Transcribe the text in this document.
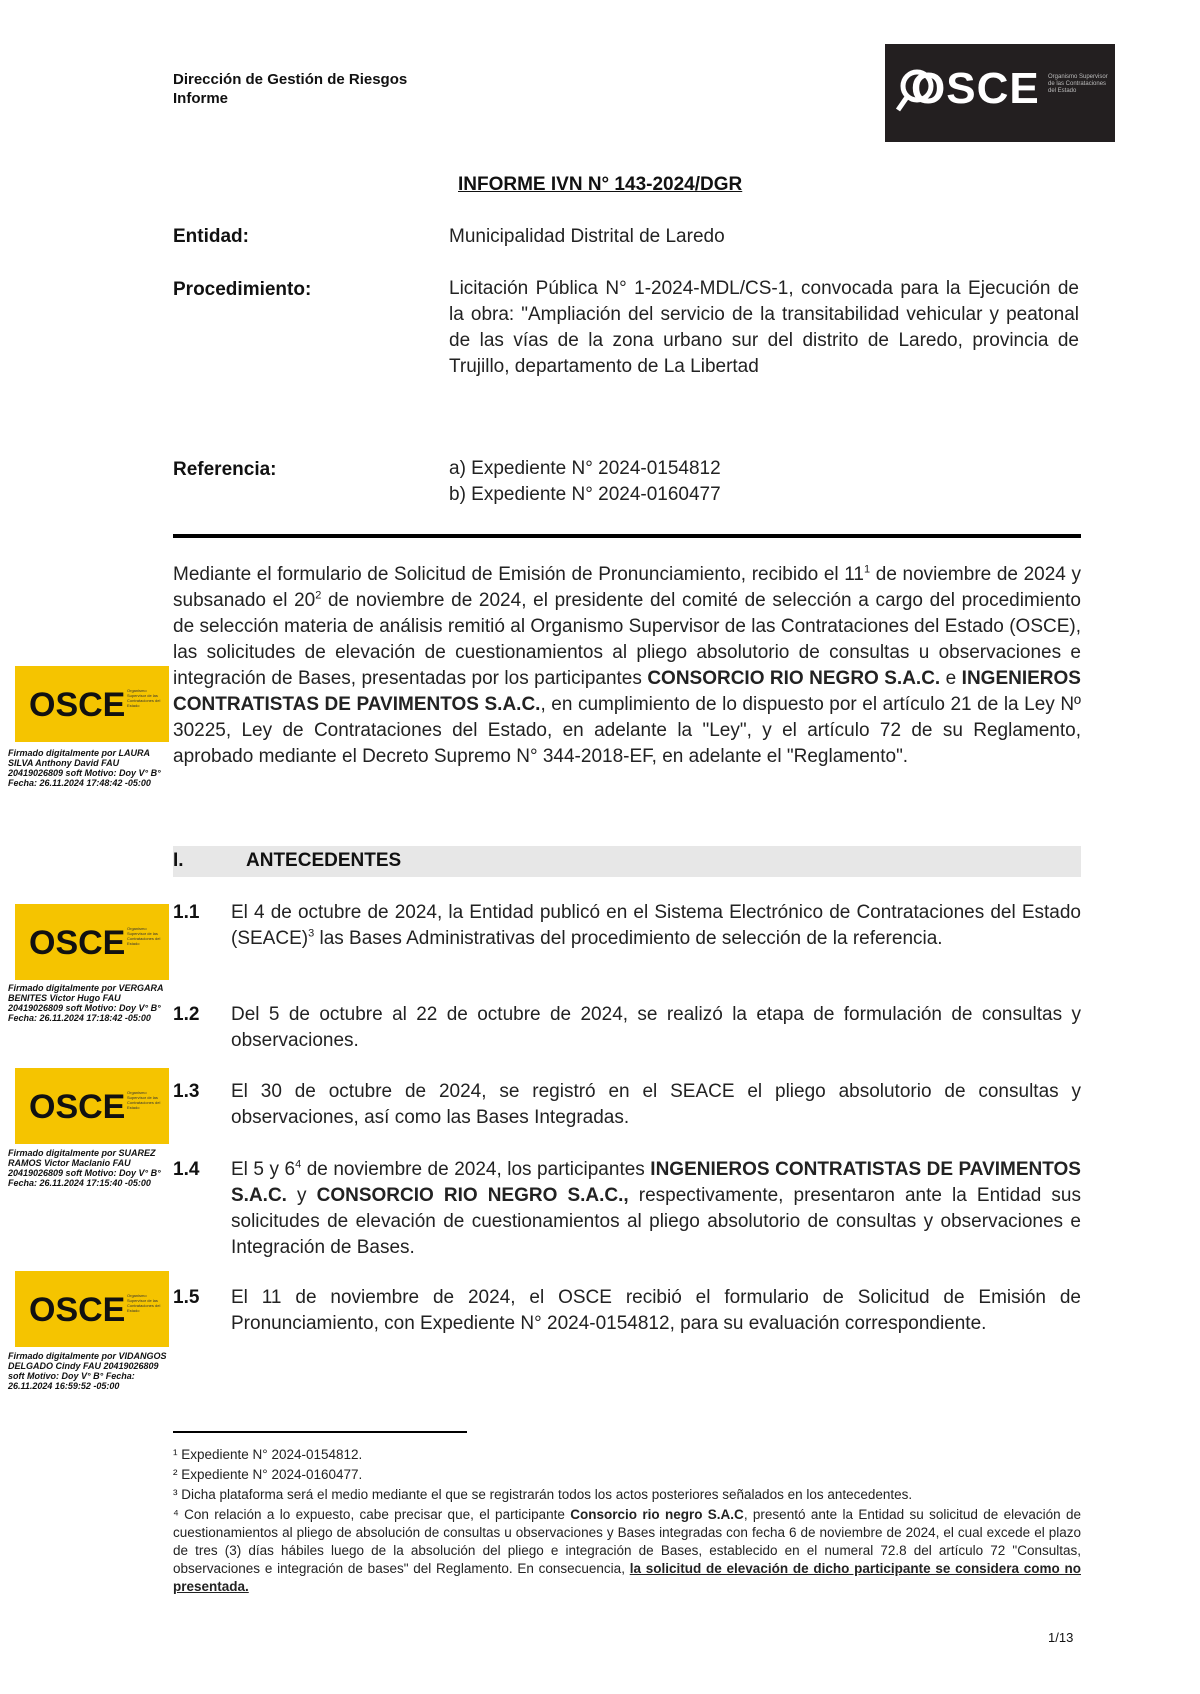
Dirección de Gestión de Riesgos
Informe	OSCE Organismo Supervisor de las Contrataciones del Estado
INFORME IVN N° 143-2024/DGR
Entidad:	Municipalidad Distrital de Laredo
Procedimiento:	Licitación Pública N° 1-2024-MDL/CS-1, convocada para la Ejecución de la obra: "Ampliación del servicio de la transitabilidad vehicular y peatonal de las vías de la zona urbano sur del distrito de Laredo, provincia de Trujillo, departamento de La Libertad
Referencia:	a) Expediente N° 2024-0154812
b) Expediente N° 2024-0160477
Mediante el formulario de Solicitud de Emisión de Pronunciamiento, recibido el $11^1$ de noviembre de 2024 y subsanado el $20^2$ de noviembre de 2024, el presidente del comité de selección a cargo del procedimiento de selección materia de análisis remitió al Organismo Supervisor de las Contrataciones del Estado (OSCE), las solicitudes de elevación de cuestionamientos al pliego absolutorio de consultas u observaciones e integración de Bases, presentadas por los participantes CONSORCIO RIO NEGRO S.A.C. e INGENIEROS CONTRATISTAS DE PAVIMENTOS S.A.C., en cumplimiento de lo dispuesto por el artículo 21 de la Ley Nº 30225, Ley de Contrataciones del Estado, en adelante la "Ley", y el artículo 72 de su Reglamento, aprobado mediante el Decreto Supremo N° 344-2018-EF, en adelante el "Reglamento".
I.	ANTECEDENTES
1.1 El 4 de octubre de 2024, la Entidad publicó en el Sistema Electrónico de Contrataciones del Estado (SEACE)$^3$ las Bases Administrativas del procedimiento de selección de la referencia.
1.2 Del 5 de octubre al 22 de octubre de 2024, se realizó la etapa de formulación de consultas y observaciones.
1.3 El 30 de octubre de 2024, se registró en el SEACE el pliego absolutorio de consultas y observaciones, así como las Bases Integradas.
1.4 El 5 y $6^4$ de noviembre de 2024, los participantes INGENIEROS CONTRATISTAS DE PAVIMENTOS S.A.C. y CONSORCIO RIO NEGRO S.A.C., respectivamente, presentaron ante la Entidad sus solicitudes de elevación de cuestionamientos al pliego absolutorio de consultas y observaciones e Integración de Bases.
1.5 El 11 de noviembre de 2024, el OSCE recibió el formulario de Solicitud de Emisión de Pronunciamiento, con Expediente N° 2024-0154812, para su evaluación correspondiente.
OSCE Organismo Supervisor de las Contrataciones del Estado
Firmado digitalmente por LAURA SILVA Anthony David FAU 20419026809 soft Motivo: Doy V° B° Fecha: 26.11.2024 17:48:42 -05:00
OSCE Organismo Supervisor de las Contrataciones del Estado
Firmado digitalmente por VERGARA BENITES Victor Hugo FAU 20419026809 soft Motivo: Doy V° B° Fecha: 26.11.2024 17:18:42 -05:00
OSCE Organismo Supervisor de las Contrataciones del Estado
Firmado digitalmente por SUAREZ RAMOS Victor Maclanio FAU 20419026809 soft Motivo: Doy V° B° Fecha: 26.11.2024 17:15:40 -05:00
OSCE Organismo Supervisor de las Contrataciones del Estado
Firmado digitalmente por VIDANGOS DELGADO Cindy FAU 20419026809 soft Motivo: Doy V° B° Fecha: 26.11.2024 16:59:52 -05:00
¹ Expediente N° 2024-0154812.
² Expediente N° 2024-0160477.
³ Dicha plataforma será el medio mediante el que se registrarán todos los actos posteriores señalados en los antecedentes.
⁴ Con relación a lo expuesto, cabe precisar que, el participante Consorcio rio negro S.A.C, presentó ante la Entidad su solicitud de elevación de cuestionamientos al pliego de absolución de consultas u observaciones y Bases integradas con fecha 6 de noviembre de 2024, el cual excede el plazo de tres (3) días hábiles luego de la absolución del pliego e integración de Bases, establecido en el numeral 72.8 del artículo 72 "Consultas, observaciones e integración de bases" del Reglamento. En consecuencia, la solicitud de elevación de dicho participante se considera como no presentada.
1/13
